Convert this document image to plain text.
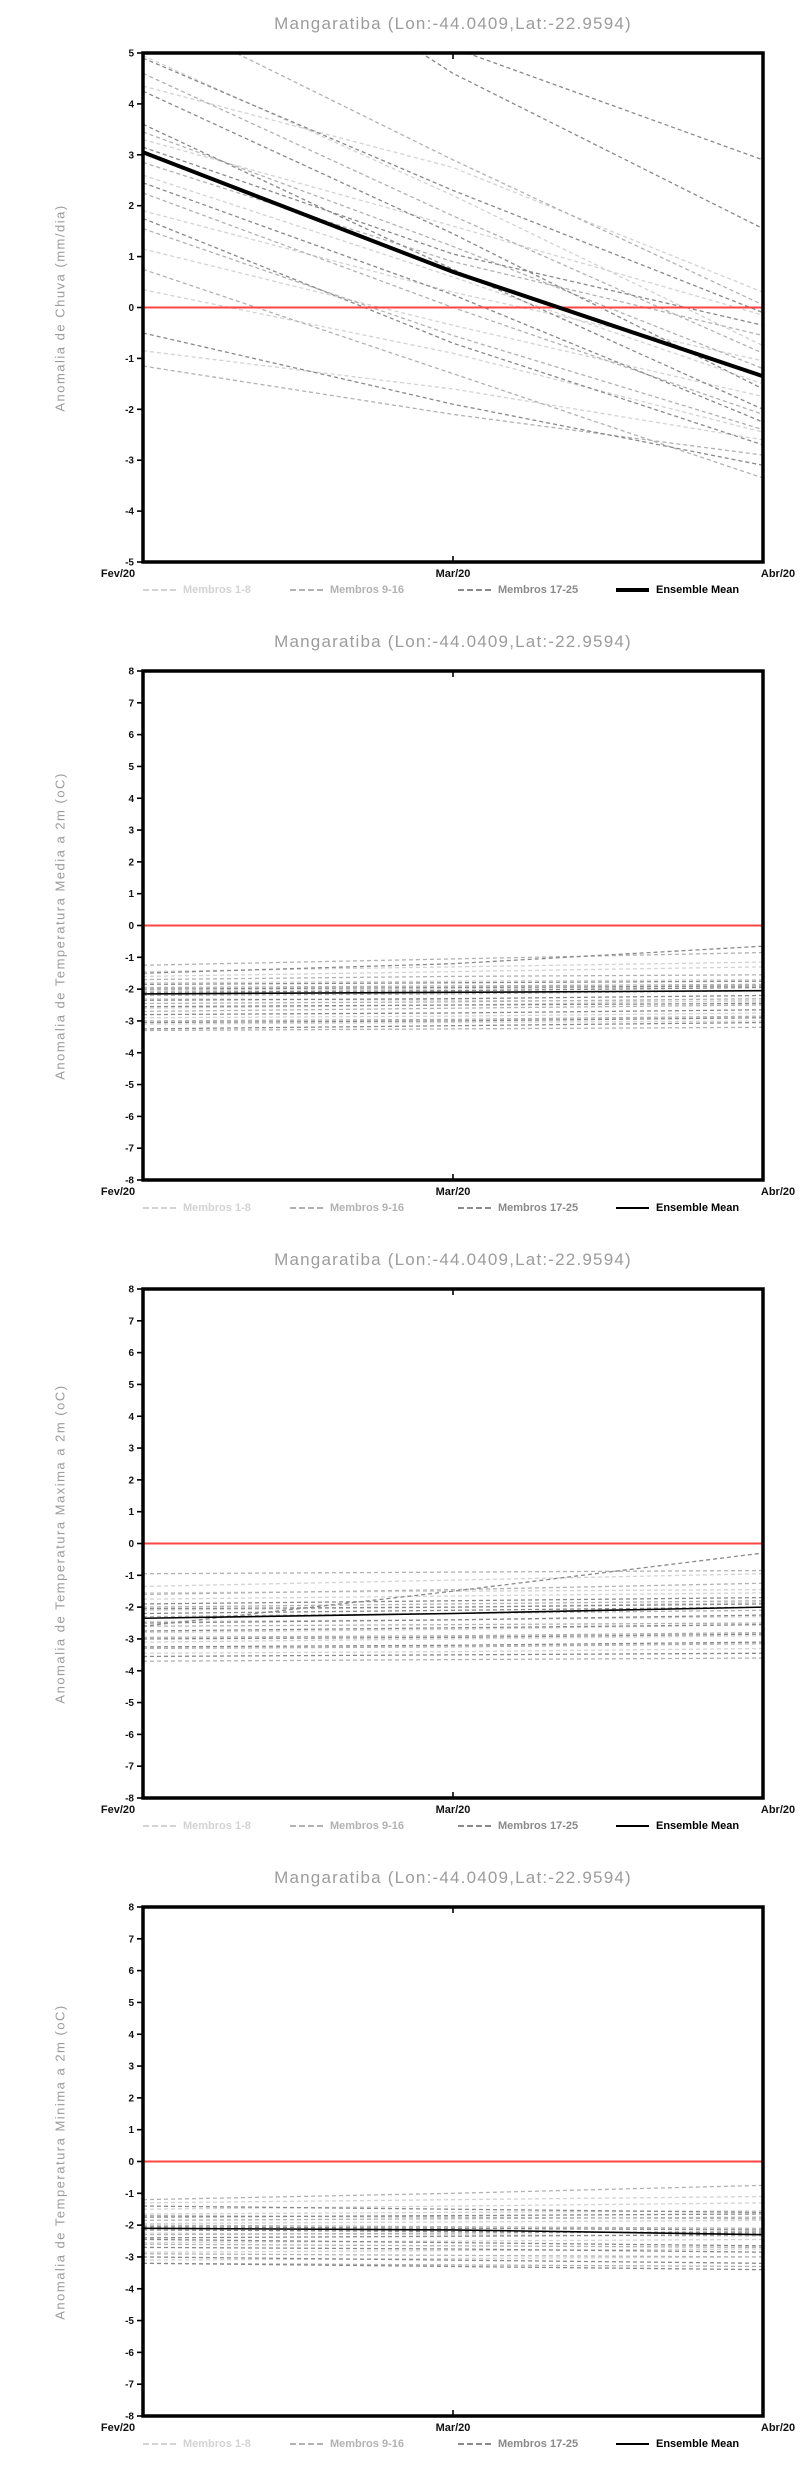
5
4
3
2
1
0
-1
-2
-3
-4
-5
Fev/20	Mar/20	Abr/20
Mangaratiba (Lon:-44.0409,Lat:-22.9594)
Anomalia de Chuva (mm/dia)
Membros 1-8	Membros 9-16	Membros 17-25	Ensemble Mean
8
7
6
5
4
3
2
1
0
-1
-2
-3
-4
-5
-6
-7
-8
Fev/20	Mar/20	Abr/20
Mangaratiba (Lon:-44.0409,Lat:-22.9594)
Anomalia de Temperatura Media a 2m (oC)
Membros 1-8	Membros 9-16	Membros 17-25	Ensemble Mean
8
7
6
5
4
3
2
1
0
-1
-2
-3
-4
-5
-6
-7
-8
Fev/20	Mar/20	Abr/20
Mangaratiba (Lon:-44.0409,Lat:-22.9594)
Anomalia de Temperatura Maxima a 2m (oC)
Membros 1-8	Membros 9-16	Membros 17-25	Ensemble Mean
8
7
6
5
4
3
2
1
0
-1
-2
-3
-4
-5
-6
-7
-8
Fev/20	Mar/20	Abr/20
Mangaratiba (Lon:-44.0409,Lat:-22.9594)
Anomalia de Temperatura Minima a 2m (oC)
Membros 1-8	Membros 9-16	Membros 17-25	Ensemble Mean
